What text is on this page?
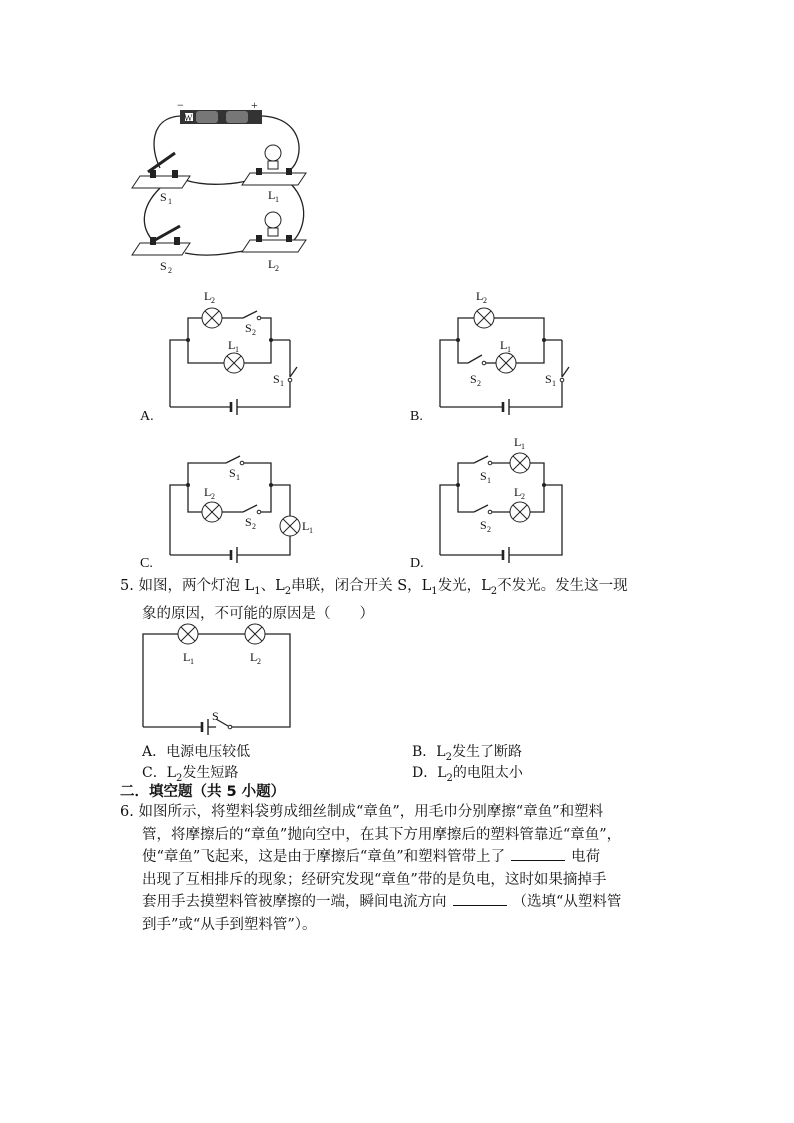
W
−	+
S 1	L 1
S 2	L 2
A.
L 2
S 2
L 1
S 1
B.
L 2
L 1
S 2	S 1
C.
S 1
L 2
S 2	L 1
D.
L 1
S 1
L 2
S 2
5. 如图，两个灯泡 $L_1$、$L_2$串联，闭合开关 S，$L_1$发光，$L_2$不发光。发生这一现
象的原因，不可能的原因是（　　）
L 1	L 2
S
A．电源电压较低	B．$L_2$发生了断路
C．$L_2$发生短路	D．$L_2$的电阻太小
二．填空题（共 5 小题）
6. 如图所示，将塑料袋剪成细丝制成“章鱼”，用毛巾分别摩擦“章鱼”和塑料
管，将摩擦后的“章鱼”抛向空中，在其下方用摩擦后的塑料管靠近“章鱼”，
使“章鱼”飞起来，这是由于摩擦后“章鱼”和塑料管带上了	电荷
出现了互相排斥的现象；经研究发现“章鱼”带的是负电，这时如果摘掉手
套用手去摸塑料管被摩擦的一端，瞬间电流方向	（选填“从塑料管
到手”或“从手到塑料管”）。
